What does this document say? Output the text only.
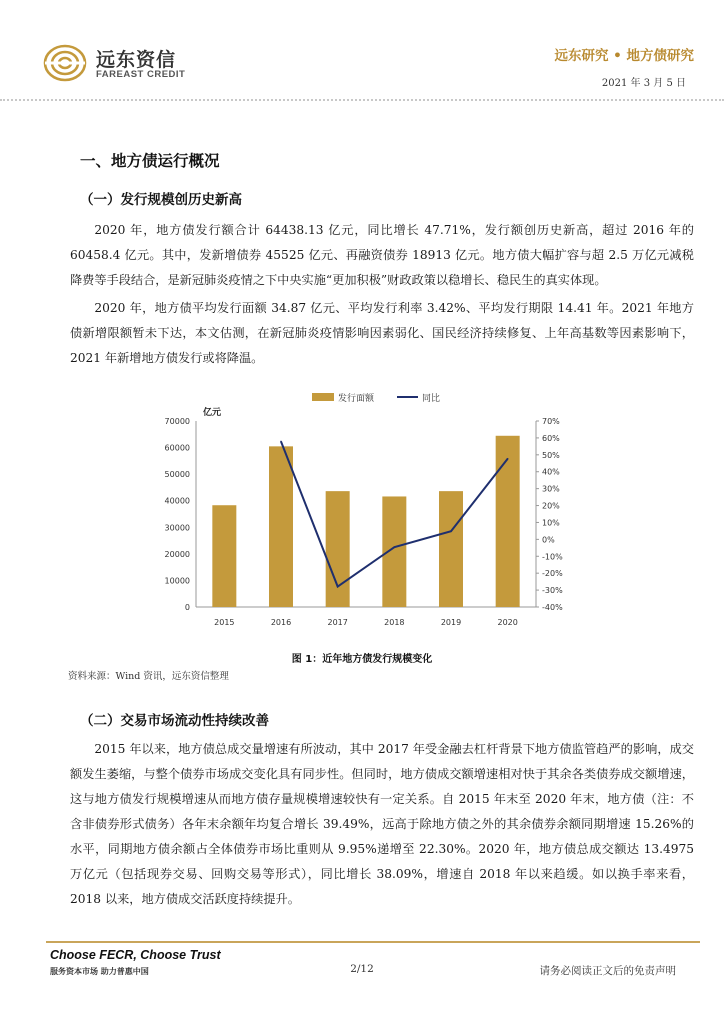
远东资信
FAREAST CREDIT
远东研究 • 地方债研究
2021 年 3 月 5 日
一、地方债运行概况
（一）发行规模创历史新高
2020 年，地方债发行额合计 64438.13 亿元，同比增长 47.71%，发行额创历史新高，超过 2016 年的 60458.4 亿元。其中，发新增债券 45525 亿元、再融资债券 18913 亿元。地方债大幅扩容与超 2.5 万亿元减税降费等手段结合，是新冠肺炎疫情之下中央实施“更加积极”财政政策以稳增长、稳民生的真实体现。
2020 年，地方债平均发行面额 34.87 亿元、平均发行利率 3.42%、平均发行期限 14.41 年。2021 年地方债新增限额暂未下达，本文估测，在新冠肺炎疫情影响因素弱化、国民经济持续修复、上年高基数等因素影响下，2021 年新增地方债发行或将降温。
发行面额	同比
亿元
0
10000
20000
30000
40000
50000
60000
70000
-40%
-30%
-20%
-10%
0%
10%
20%
30%
40%
50%
60%
70%
2015	2016	2017	2018	2019	2020
图 1：近年地方债发行规模变化
资料来源：Wind 资讯，远东资信整理
（二）交易市场流动性持续改善
2015 年以来，地方债总成交量增速有所波动，其中 2017 年受金融去杠杆背景下地方债监管趋严的影响，成交额发生萎缩，与整个债券市场成交变化具有同步性。但同时，地方债成交额增速相对快于其余各类债券成交额增速，这与地方债发行规模增速从而地方债存量规模增速较快有一定关系。自 2015 年末至 2020 年末，地方债（注：不含非债券形式债务）各年末余额年均复合增长 39.49%，远高于除地方债之外的其余债券余额同期增速 15.26%的水平，同期地方债余额占全体债券市场比重则从 9.95%递增至 22.30%。2020 年，地方债总成交额达 13.4975 万亿元（包括现券交易、回购交易等形式），同比增长 38.09%，增速自 2018 年以来趋缓。如以换手率来看，2018 以来，地方债成交活跃度持续提升。
Choose FECR, Choose Trust
服务资本市场 助力普惠中国	2/12	请务必阅读正文后的免责声明
